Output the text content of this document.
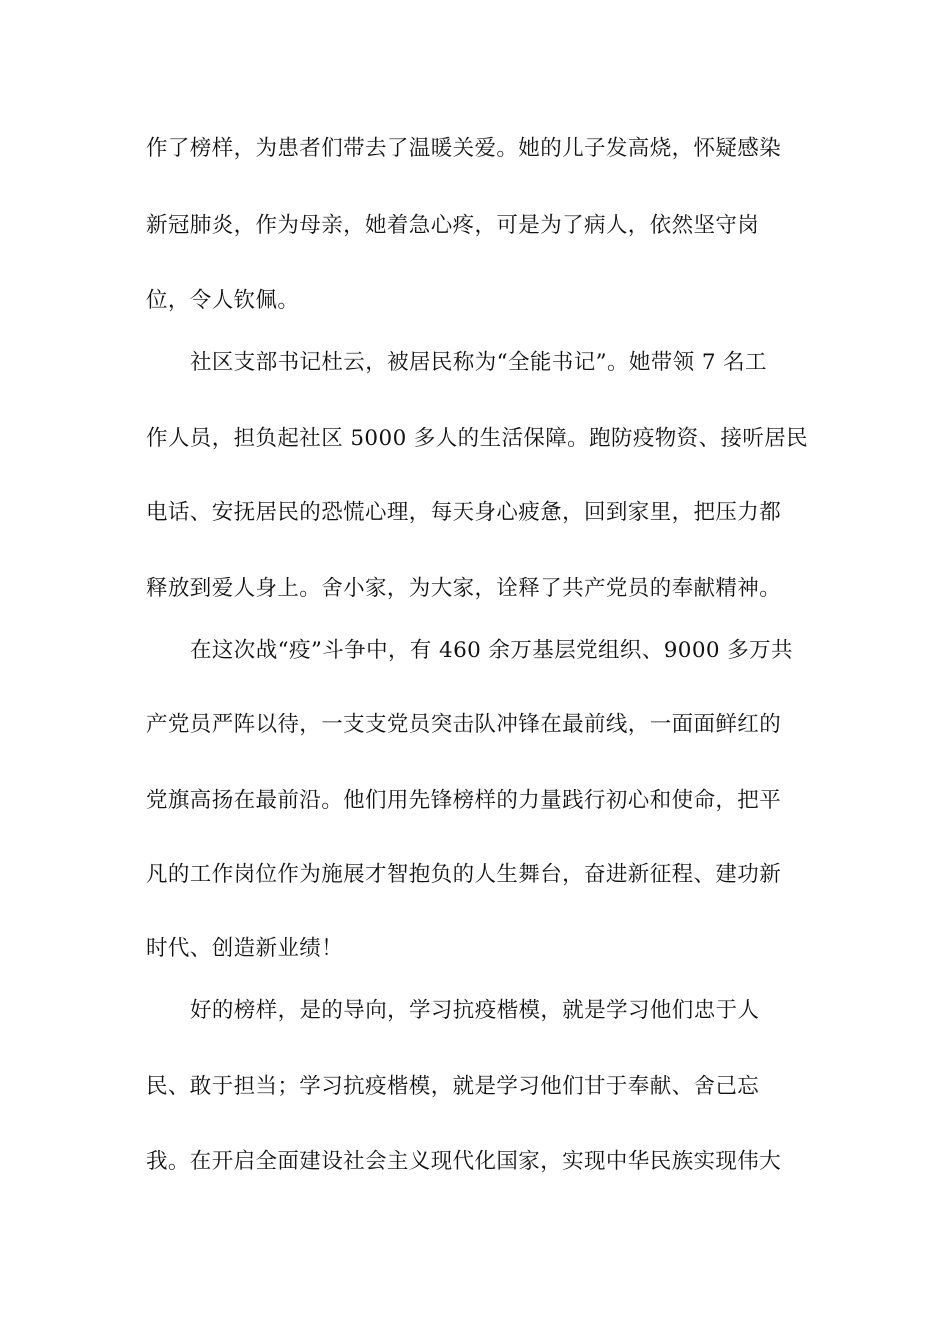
作了榜样，为患者们带去了温暖关爱。她的儿子发高烧，怀疑感染
新冠肺炎，作为母亲，她着急心疼，可是为了病人，依然坚守岗
位，令人钦佩。
社区支部书记杜云，被居民称为“全能书记”。她带领 7 名工
作人员，担负起社区 5000 多人的生活保障。跑防疫物资、接听居民
电话、安抚居民的恐慌心理，每天身心疲惫，回到家里，把压力都
释放到爱人身上。舍小家，为大家，诠释了共产党员的奉献精神。
在这次战“疫”斗争中，有 460 余万基层党组织、9000 多万共
产党员严阵以待，一支支党员突击队冲锋在最前线，一面面鲜红的
党旗高扬在最前沿。他们用先锋榜样的力量践行初心和使命，把平
凡的工作岗位作为施展才智抱负的人生舞台，奋进新征程、建功新
时代、创造新业绩！
好的榜样，是的导向，学习抗疫楷模，就是学习他们忠于人
民、敢于担当；学习抗疫楷模，就是学习他们甘于奉献、舍己忘
我。在开启全面建设社会主义现代化国家，实现中华民族实现伟大
